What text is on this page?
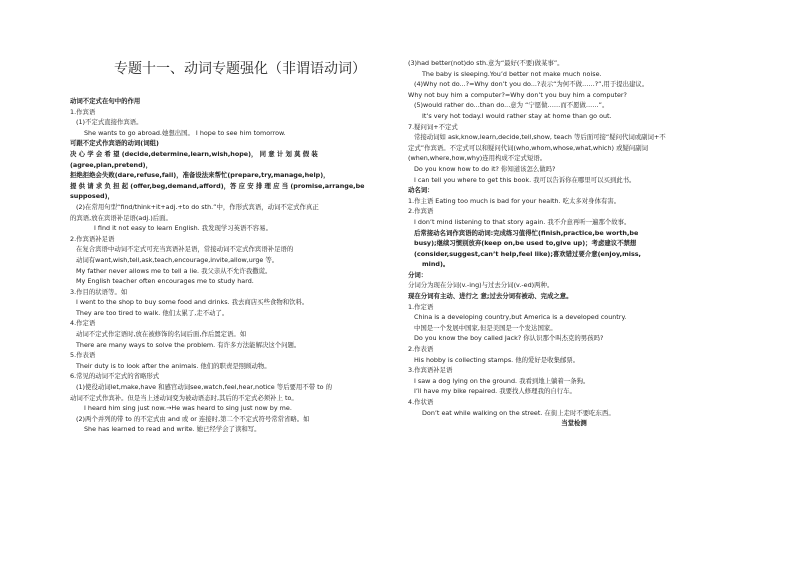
专题十一、动词专题强化（非谓语动词）
动词不定式在句中的作用
1.作宾语
(1)不定式直接作宾语。
She wants to go abroad.她想出国。 I hope to see him tomorrow.
可跟不定式作宾语的动词(词组)
决 心 学 会 希 望 (decide,determine,learn,wish,hope)， 同 意 计 划 莫 假 装
(agree,plan,pretend)，
拒绝拒绝会失败(dare,refuse,fail)，准备设法来帮忙(prepare,try,manage,help)，
提 供 请 求 负 担 起 (offer,beg,demand,afford)，答 应 安 排 理 应 当 (promise,arrange,be
supposed)，
(2)在常用句型“find/think+it+adj.+to do sth.”中，作形式宾语，动词不定式作真正
的宾语,放在宾语补足语(adj.)后面。
I find it not easy to learn English. 我发现学习英语不容易。
2.作宾语补足语
在复合宾语中动词不定式可充当宾语补足语，常接动词不定式作宾语补足语的
动词有want,wish,tell,ask,teach,encourage,invite,allow,urge 等。
My father never allows me to tell a lie. 我父亲从不允许我撒谎。
My English teacher often encourages me to study hard.
3.作目的状语等。如
I went to the shop to buy some food and drinks. 我去商店买些食物和饮料。
They are too tired to walk. 他们太累了,走不动了。
4.作定语
动词不定式作定语时,放在被修饰的名词后面,作后置定语。如
There are many ways to solve the problem. 有许多方法能解决这个问题。
5.作表语
Their duty is to look after the animals. 他们的职责是照顾动物。
6.常见的动词不定式的省略形式
(1)使役动词let,make,have 和感官动词see,watch,feel,hear,notice 等后要用不带 to 的
动词不定式作宾补。但是当上述动词变为被动语态时,其后的不定式必须补上 to。
I heard him sing just now.→He was heard to sing just now by me.
(2)两个并列的带 to 的不定式由 and 或 or 连接时,第二个不定式符号常常省略。如
She has learned to read and write. 她已经学会了读和写。
(3)had better(not)do sth.意为“最好(不要)做某事”。
The baby is sleeping.You’d better not make much noise.
(4)Why not do...?=Why don’t you do...?表示“为何不做……?”,用于提出建议。
Why not buy him a computer?=Why don’t you buy him a computer?
(5)would rather do...than do...意为 “宁愿做……而不愿做……”。
It’s very hot today.I would rather stay at home than go out.
7.疑问词+不定式
常接动词如 ask,know,learn,decide,tell,show, teach 等后面可接“疑问代词或副词+不
定式”作宾语。不定式可以和疑问代词(who,whom,whose,what,which) 或疑问副词
(when,where,how,why)连用构成不定式短语。
Do you know how to do it? 你知道该怎么做吗?
I can tell you where to get this book. 我可以告诉你在哪里可以买到此书。
动名词：
1.作主语 Eating too much is bad for your health. 吃太多对身体有害。
2.作宾语
I don’t mind listening to that story again. 我不介意再听一遍那个故事。
后常接动名词作宾语的动词:完成练习值得忙(finish,practice,be worth,be
busy);继续习惯别放弃(keep on,be used to,give up)；考虑建议不禁想
(consider,suggest,can’t help,feel like);喜欢错过要介意(enjoy,miss,
mind)。
分词：
分词分为现在分词(v.-ing)与过去分词(v.-ed)两种。
现在分词有主动、进行之 意;过去分词有被动、完成之意。
1.作定语
China is a developing country,but America is a developed country.
中国是一个发展中国家,但是美国是一个发达国家。
Do you know the boy called Jack? 你认识那个叫杰克的男孩吗?
2.作表语
His hobby is collecting stamps. 他的爱好是收集邮票。
3.作宾语补足语
I saw a dog lying on the ground. 我看到地上躺着一条狗。
I’ll have my bike repaired. 我要找人修理我的自行车。
4.作状语
Don’t eat while walking on the street. 在街上走时不要吃东西。
当堂检测
